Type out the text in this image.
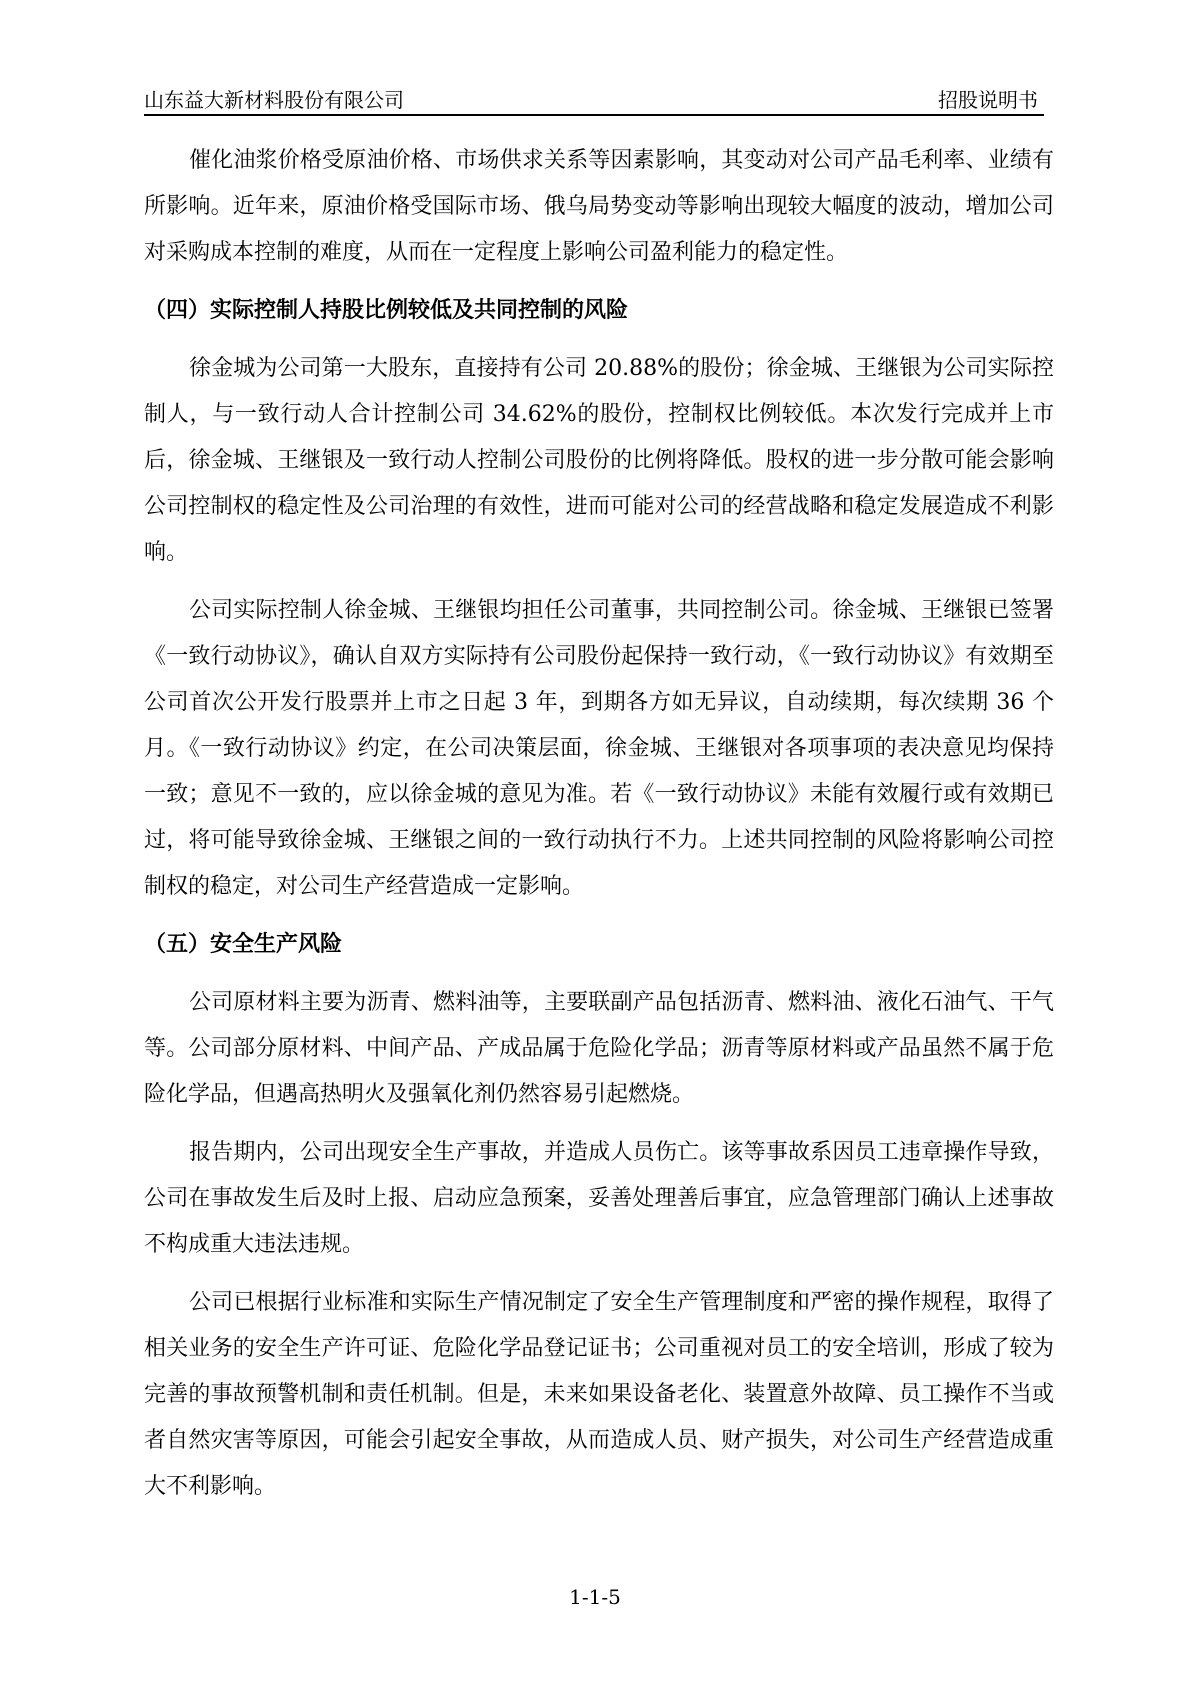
山东益大新材料股份有限公司	招股说明书

催化油浆价格受原油价格、市场供求关系等因素影响，其变动对公司产品毛利率、业绩有所影响。近年来，原油价格受国际市场、俄乌局势变动等影响出现较大幅度的波动，增加公司对采购成本控制的难度，从而在一定程度上影响公司盈利能力的稳定性。

（四）实际控制人持股比例较低及共同控制的风险

徐金城为公司第一大股东，直接持有公司 20.88%的股份；徐金城、王继银为公司实际控制人，与一致行动人合计控制公司 34.62%的股份，控制权比例较低。本次发行完成并上市后，徐金城、王继银及一致行动人控制公司股份的比例将降低。股权的进一步分散可能会影响公司控制权的稳定性及公司治理的有效性，进而可能对公司的经营战略和稳定发展造成不利影响。

公司实际控制人徐金城、王继银均担任公司董事，共同控制公司。徐金城、王继银已签署《一致行动协议》，确认自双方实际持有公司股份起保持一致行动，《一致行动协议》有效期至公司首次公开发行股票并上市之日起 3 年，到期各方如无异议，自动续期，每次续期 36 个月。《一致行动协议》约定，在公司决策层面，徐金城、王继银对各项事项的表决意见均保持一致；意见不一致的，应以徐金城的意见为准。若《一致行动协议》未能有效履行或有效期已过，将可能导致徐金城、王继银之间的一致行动执行不力。上述共同控制的风险将影响公司控制权的稳定，对公司生产经营造成一定影响。

（五）安全生产风险

公司原材料主要为沥青、燃料油等，主要联副产品包括沥青、燃料油、液化石油气、干气等。公司部分原材料、中间产品、产成品属于危险化学品；沥青等原材料或产品虽然不属于危险化学品，但遇高热明火及强氧化剂仍然容易引起燃烧。

报告期内，公司出现安全生产事故，并造成人员伤亡。该等事故系因员工违章操作导致，公司在事故发生后及时上报、启动应急预案，妥善处理善后事宜，应急管理部门确认上述事故不构成重大违法违规。

公司已根据行业标准和实际生产情况制定了安全生产管理制度和严密的操作规程，取得了相关业务的安全生产许可证、危险化学品登记证书；公司重视对员工的安全培训，形成了较为完善的事故预警机制和责任机制。但是，未来如果设备老化、装置意外故障、员工操作不当或者自然灾害等原因，可能会引起安全事故，从而造成人员、财产损失，对公司生产经营造成重大不利影响。

1-1-5
